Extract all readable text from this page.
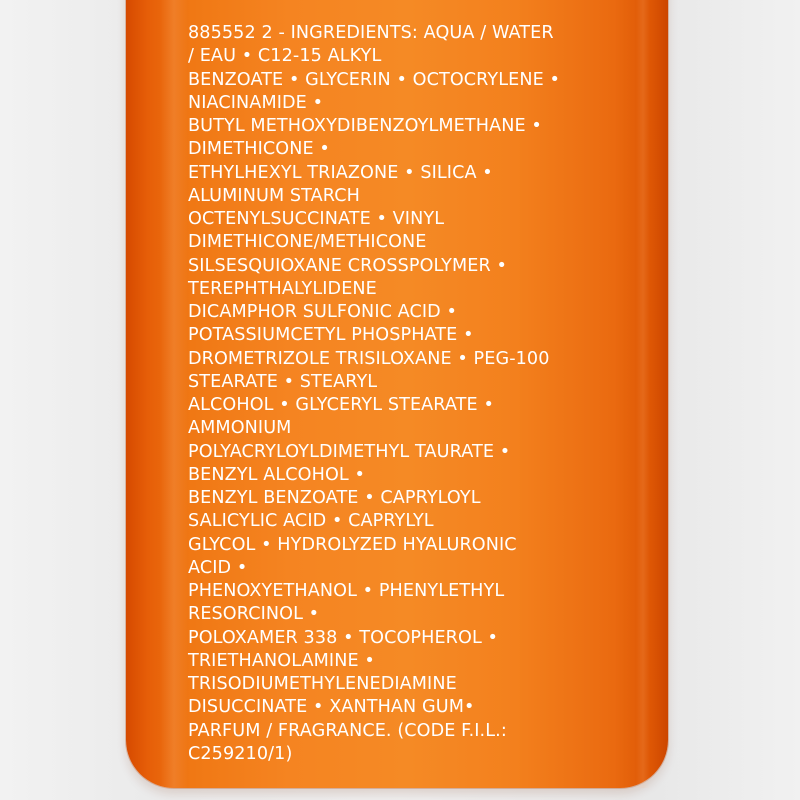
885552 2 - INGREDIENTS: AQUA / WATER
/ EAU • C12-15 ALKYL
BENZOATE • GLYCERIN • OCTOCRYLENE •
NIACINAMIDE •
BUTYL METHOXYDIBENZOYLMETHANE •
DIMETHICONE •
ETHYLHEXYL TRIAZONE • SILICA •
ALUMINUM STARCH
OCTENYLSUCCINATE • VINYL
DIMETHICONE/METHICONE
SILSESQUIOXANE CROSSPOLYMER •
TEREPHTHALYLIDENE
DICAMPHOR SULFONIC ACID •
POTASSIUMCETYL PHOSPHATE •
DROMETRIZOLE TRISILOXANE • PEG-100
STEARATE • STEARYL
ALCOHOL • GLYCERYL STEARATE •
AMMONIUM
POLYACRYLOYLDIMETHYL TAURATE •
BENZYL ALCOHOL •
BENZYL BENZOATE • CAPRYLOYL
SALICYLIC ACID • CAPRYLYL
GLYCOL • HYDROLYZED HYALURONIC
ACID •
PHENOXYETHANOL • PHENYLETHYL
RESORCINOL •
POLOXAMER 338 • TOCOPHEROL •
TRIETHANOLAMINE •
TRISODIUMETHYLENEDIAMINE
DISUCCINATE • XANTHAN GUM•
PARFUM / FRAGRANCE. (CODE F.I.L.:
C259210/1)
